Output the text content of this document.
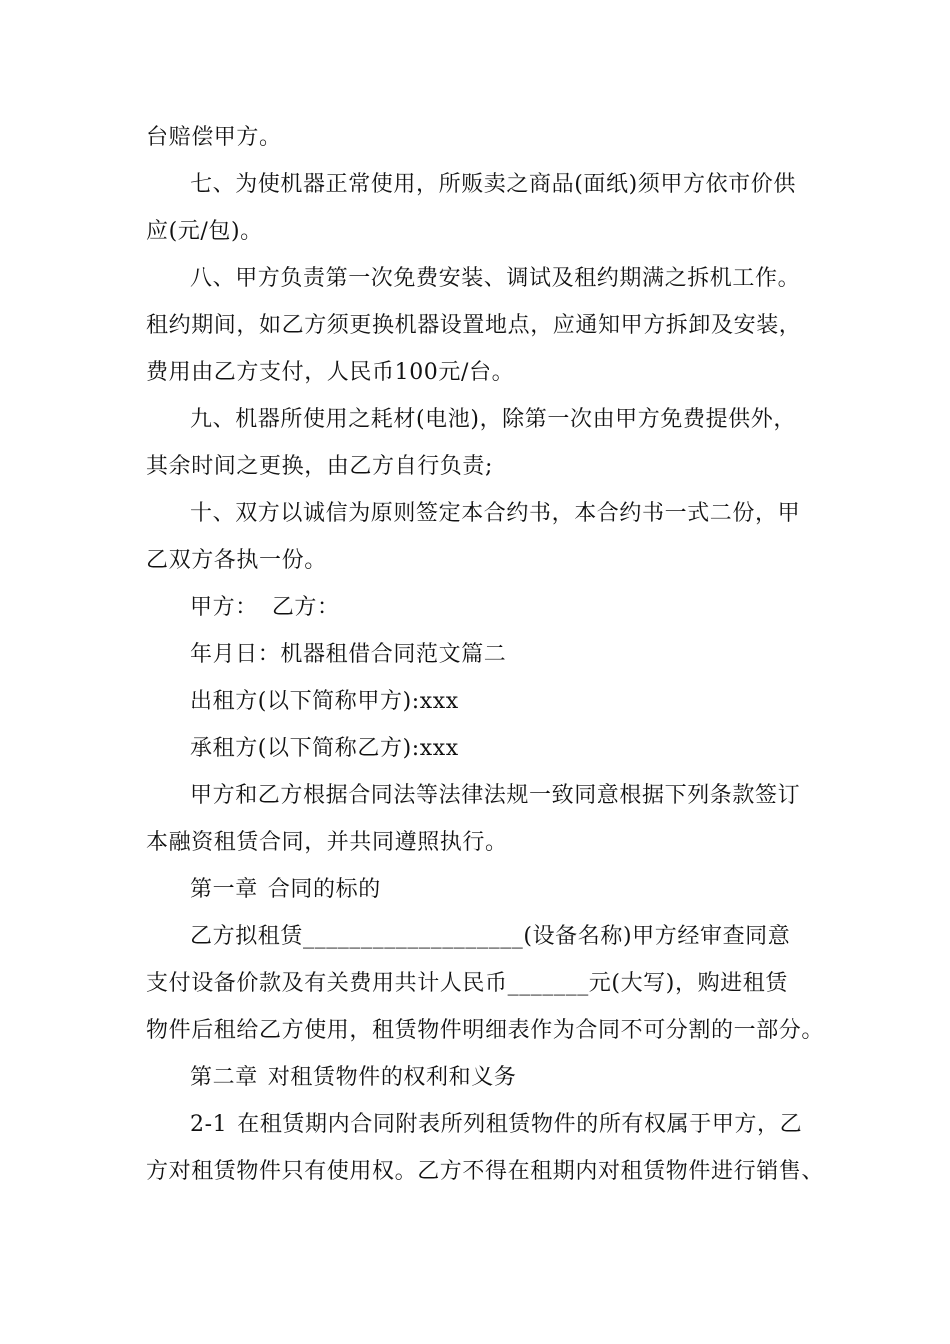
台赔偿甲方。
七、为使机器正常使用，所贩卖之商品(面纸)须甲方依市价供
应(元/包)。
八、甲方负责第一次免费安装、调试及租约期满之拆机工作。
租约期间，如乙方须更换机器设置地点，应通知甲方拆卸及安装，
费用由乙方支付，人民币100元/台。
九、机器所使用之耗材(电池)，除第一次由甲方免费提供外，
其余时间之更换，由乙方自行负责;
十、双方以诚信为原则签定本合约书，本合约书一式二份，甲
乙双方各执一份。
甲方： 乙方：
年月日：机器租借合同范文篇二
出租方(以下简称甲方):xxx
承租方(以下简称乙方):xxx
甲方和乙方根据合同法等法律法规一致同意根据下列条款签订
本融资租赁合同，并共同遵照执行。
第一章 合同的标的
乙方拟租赁___________________(设备名称)甲方经审查同意
支付设备价款及有关费用共计人民币_______元(大写)，购进租赁
物件后租给乙方使用，租赁物件明细表作为合同不可分割的一部分。
第二章 对租赁物件的权利和义务
2-1 在租赁期内合同附表所列租赁物件的所有权属于甲方，乙
方对租赁物件只有使用权。乙方不得在租期内对租赁物件进行销售、
